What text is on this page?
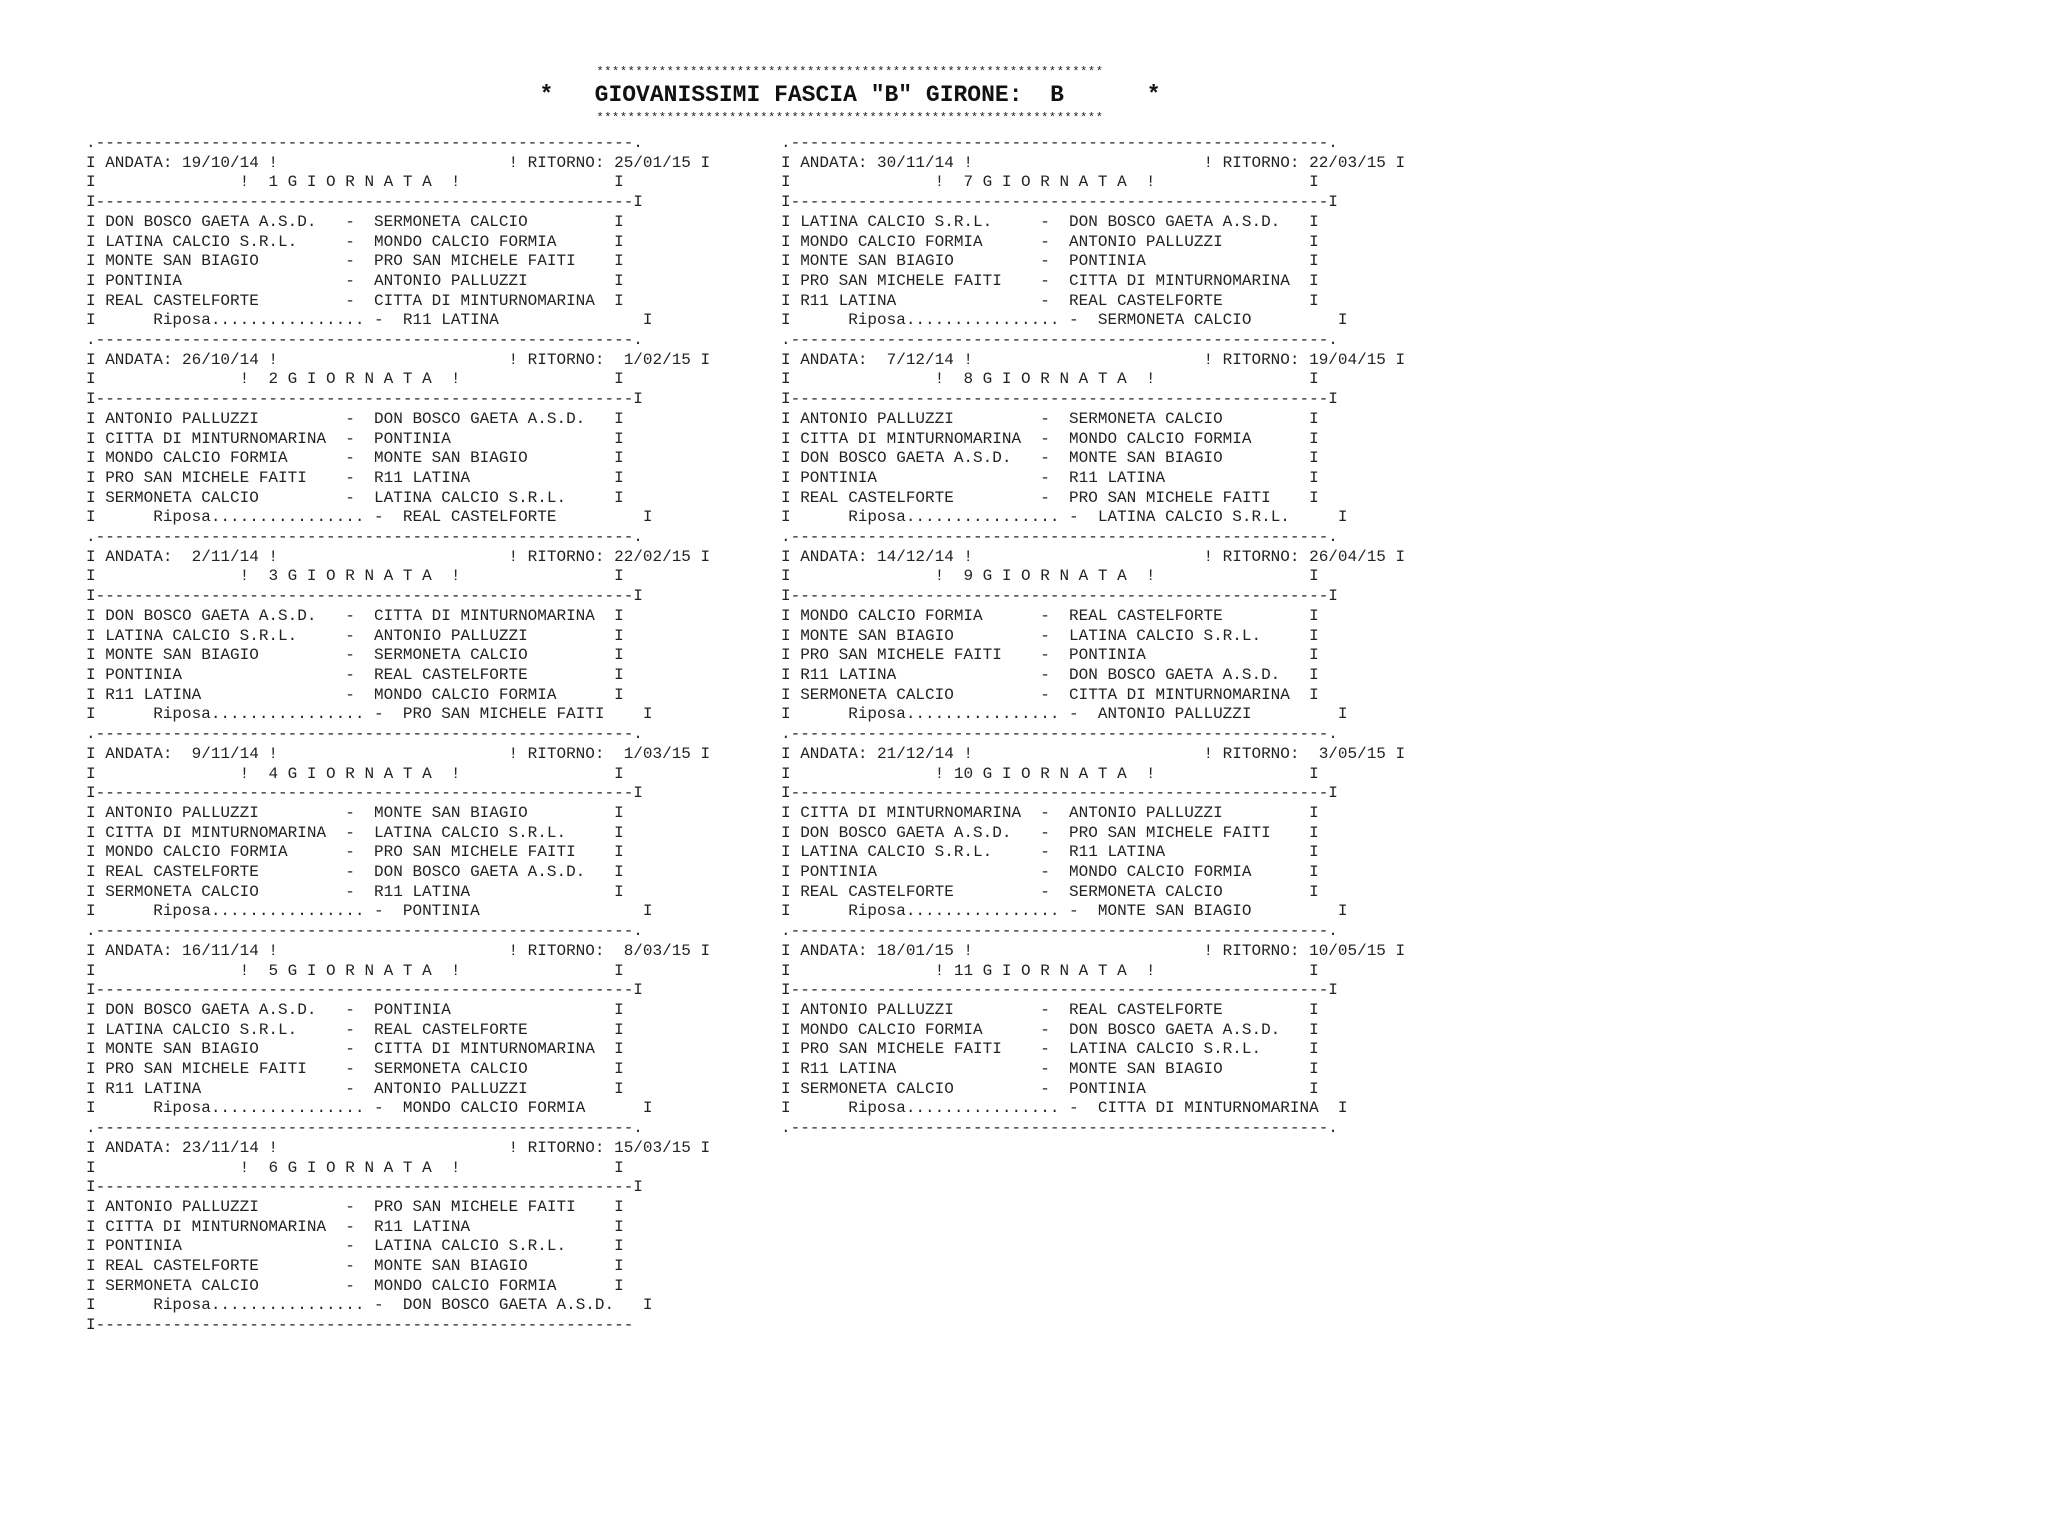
*****************************************************************
*   GIOVANISSIMI FASCIA "B" GIRONE:  B      *
*****************************************************************
.--------------------------------------------------------.
I ANDATA: 19/10/14 !                        ! RITORNO: 25/01/15 I
I               !  1 G I O R N A T A  !                I
I--------------------------------------------------------I
I DON BOSCO GAETA A.S.D.   -  SERMONETA CALCIO         I
I LATINA CALCIO S.R.L.     -  MONDO CALCIO FORMIA      I
I MONTE SAN BIAGIO         -  PRO SAN MICHELE FAITI    I
I PONTINIA                 -  ANTONIO PALLUZZI         I
I REAL CASTELFORTE         -  CITTA DI MINTURNOMARINA  I
I      Riposa................ -  R11 LATINA               I

.--------------------------------------------------------.
I ANDATA: 26/10/14 !                        ! RITORNO:  1/02/15 I
I               !  2 G I O R N A T A  !                I
I--------------------------------------------------------I
I ANTONIO PALLUZZI         -  DON BOSCO GAETA A.S.D.   I
I CITTA DI MINTURNOMARINA  -  PONTINIA                 I
I MONDO CALCIO FORMIA      -  MONTE SAN BIAGIO         I
I PRO SAN MICHELE FAITI    -  R11 LATINA               I
I SERMONETA CALCIO         -  LATINA CALCIO S.R.L.     I
I      Riposa................ -  REAL CASTELFORTE         I

.--------------------------------------------------------.
I ANDATA:  2/11/14 !                        ! RITORNO: 22/02/15 I
I               !  3 G I O R N A T A  !                I
I--------------------------------------------------------I
I DON BOSCO GAETA A.S.D.   -  CITTA DI MINTURNOMARINA  I
I LATINA CALCIO S.R.L.     -  ANTONIO PALLUZZI         I
I MONTE SAN BIAGIO         -  SERMONETA CALCIO         I
I PONTINIA                 -  REAL CASTELFORTE         I
I R11 LATINA               -  MONDO CALCIO FORMIA      I
I      Riposa................ -  PRO SAN MICHELE FAITI    I

.--------------------------------------------------------.
I ANDATA:  9/11/14 !                        ! RITORNO:  1/03/15 I
I               !  4 G I O R N A T A  !                I
I--------------------------------------------------------I
I ANTONIO PALLUZZI         -  MONTE SAN BIAGIO         I
I CITTA DI MINTURNOMARINA  -  LATINA CALCIO S.R.L.     I
I MONDO CALCIO FORMIA      -  PRO SAN MICHELE FAITI    I
I REAL CASTELFORTE         -  DON BOSCO GAETA A.S.D.   I
I SERMONETA CALCIO         -  R11 LATINA               I
I      Riposa................ -  PONTINIA                 I

.--------------------------------------------------------.
I ANDATA: 16/11/14 !                        ! RITORNO:  8/03/15 I
I               !  5 G I O R N A T A  !                I
I--------------------------------------------------------I
I DON BOSCO GAETA A.S.D.   -  PONTINIA                 I
I LATINA CALCIO S.R.L.     -  REAL CASTELFORTE         I
I MONTE SAN BIAGIO         -  CITTA DI MINTURNOMARINA  I
I PRO SAN MICHELE FAITI    -  SERMONETA CALCIO         I
I R11 LATINA               -  ANTONIO PALLUZZI         I
I      Riposa................ -  MONDO CALCIO FORMIA      I

.--------------------------------------------------------.
I ANDATA: 23/11/14 !                        ! RITORNO: 15/03/15 I
I               !  6 G I O R N A T A  !                I
I--------------------------------------------------------I
I ANTONIO PALLUZZI         -  PRO SAN MICHELE FAITI    I
I CITTA DI MINTURNOMARINA  -  R11 LATINA               I
I PONTINIA                 -  LATINA CALCIO S.R.L.     I
I REAL CASTELFORTE         -  MONTE SAN BIAGIO         I
I SERMONETA CALCIO         -  MONDO CALCIO FORMIA      I
I      Riposa................ -  DON BOSCO GAETA A.S.D.   I

I--------------------------------------------------------
.--------------------------------------------------------.
I ANDATA: 30/11/14 !                        ! RITORNO: 22/03/15 I
I               !  7 G I O R N A T A  !                I
I--------------------------------------------------------I
I LATINA CALCIO S.R.L.     -  DON BOSCO GAETA A.S.D.   I
I MONDO CALCIO FORMIA      -  ANTONIO PALLUZZI         I
I MONTE SAN BIAGIO         -  PONTINIA                 I
I PRO SAN MICHELE FAITI    -  CITTA DI MINTURNOMARINA  I
I R11 LATINA               -  REAL CASTELFORTE         I
I      Riposa................ -  SERMONETA CALCIO         I

.--------------------------------------------------------.
I ANDATA:  7/12/14 !                        ! RITORNO: 19/04/15 I
I               !  8 G I O R N A T A  !                I
I--------------------------------------------------------I
I ANTONIO PALLUZZI         -  SERMONETA CALCIO         I
I CITTA DI MINTURNOMARINA  -  MONDO CALCIO FORMIA      I
I DON BOSCO GAETA A.S.D.   -  MONTE SAN BIAGIO         I
I PONTINIA                 -  R11 LATINA               I
I REAL CASTELFORTE         -  PRO SAN MICHELE FAITI    I
I      Riposa................ -  LATINA CALCIO S.R.L.     I

.--------------------------------------------------------.
I ANDATA: 14/12/14 !                        ! RITORNO: 26/04/15 I
I               !  9 G I O R N A T A  !                I
I--------------------------------------------------------I
I MONDO CALCIO FORMIA      -  REAL CASTELFORTE         I
I MONTE SAN BIAGIO         -  LATINA CALCIO S.R.L.     I
I PRO SAN MICHELE FAITI    -  PONTINIA                 I
I R11 LATINA               -  DON BOSCO GAETA A.S.D.   I
I SERMONETA CALCIO         -  CITTA DI MINTURNOMARINA  I
I      Riposa................ -  ANTONIO PALLUZZI         I

.--------------------------------------------------------.
I ANDATA: 21/12/14 !                        ! RITORNO:  3/05/15 I
I               ! 10 G I O R N A T A  !                I
I--------------------------------------------------------I
I CITTA DI MINTURNOMARINA  -  ANTONIO PALLUZZI         I
I DON BOSCO GAETA A.S.D.   -  PRO SAN MICHELE FAITI    I
I LATINA CALCIO S.R.L.     -  R11 LATINA               I
I PONTINIA                 -  MONDO CALCIO FORMIA      I
I REAL CASTELFORTE         -  SERMONETA CALCIO         I
I      Riposa................ -  MONTE SAN BIAGIO         I

.--------------------------------------------------------.
I ANDATA: 18/01/15 !                        ! RITORNO: 10/05/15 I
I               ! 11 G I O R N A T A  !                I
I--------------------------------------------------------I
I ANTONIO PALLUZZI         -  REAL CASTELFORTE         I
I MONDO CALCIO FORMIA      -  DON BOSCO GAETA A.S.D.   I
I PRO SAN MICHELE FAITI    -  LATINA CALCIO S.R.L.     I
I R11 LATINA               -  MONTE SAN BIAGIO         I
I SERMONETA CALCIO         -  PONTINIA                 I
I      Riposa................ -  CITTA DI MINTURNOMARINA  I

.--------------------------------------------------------.
